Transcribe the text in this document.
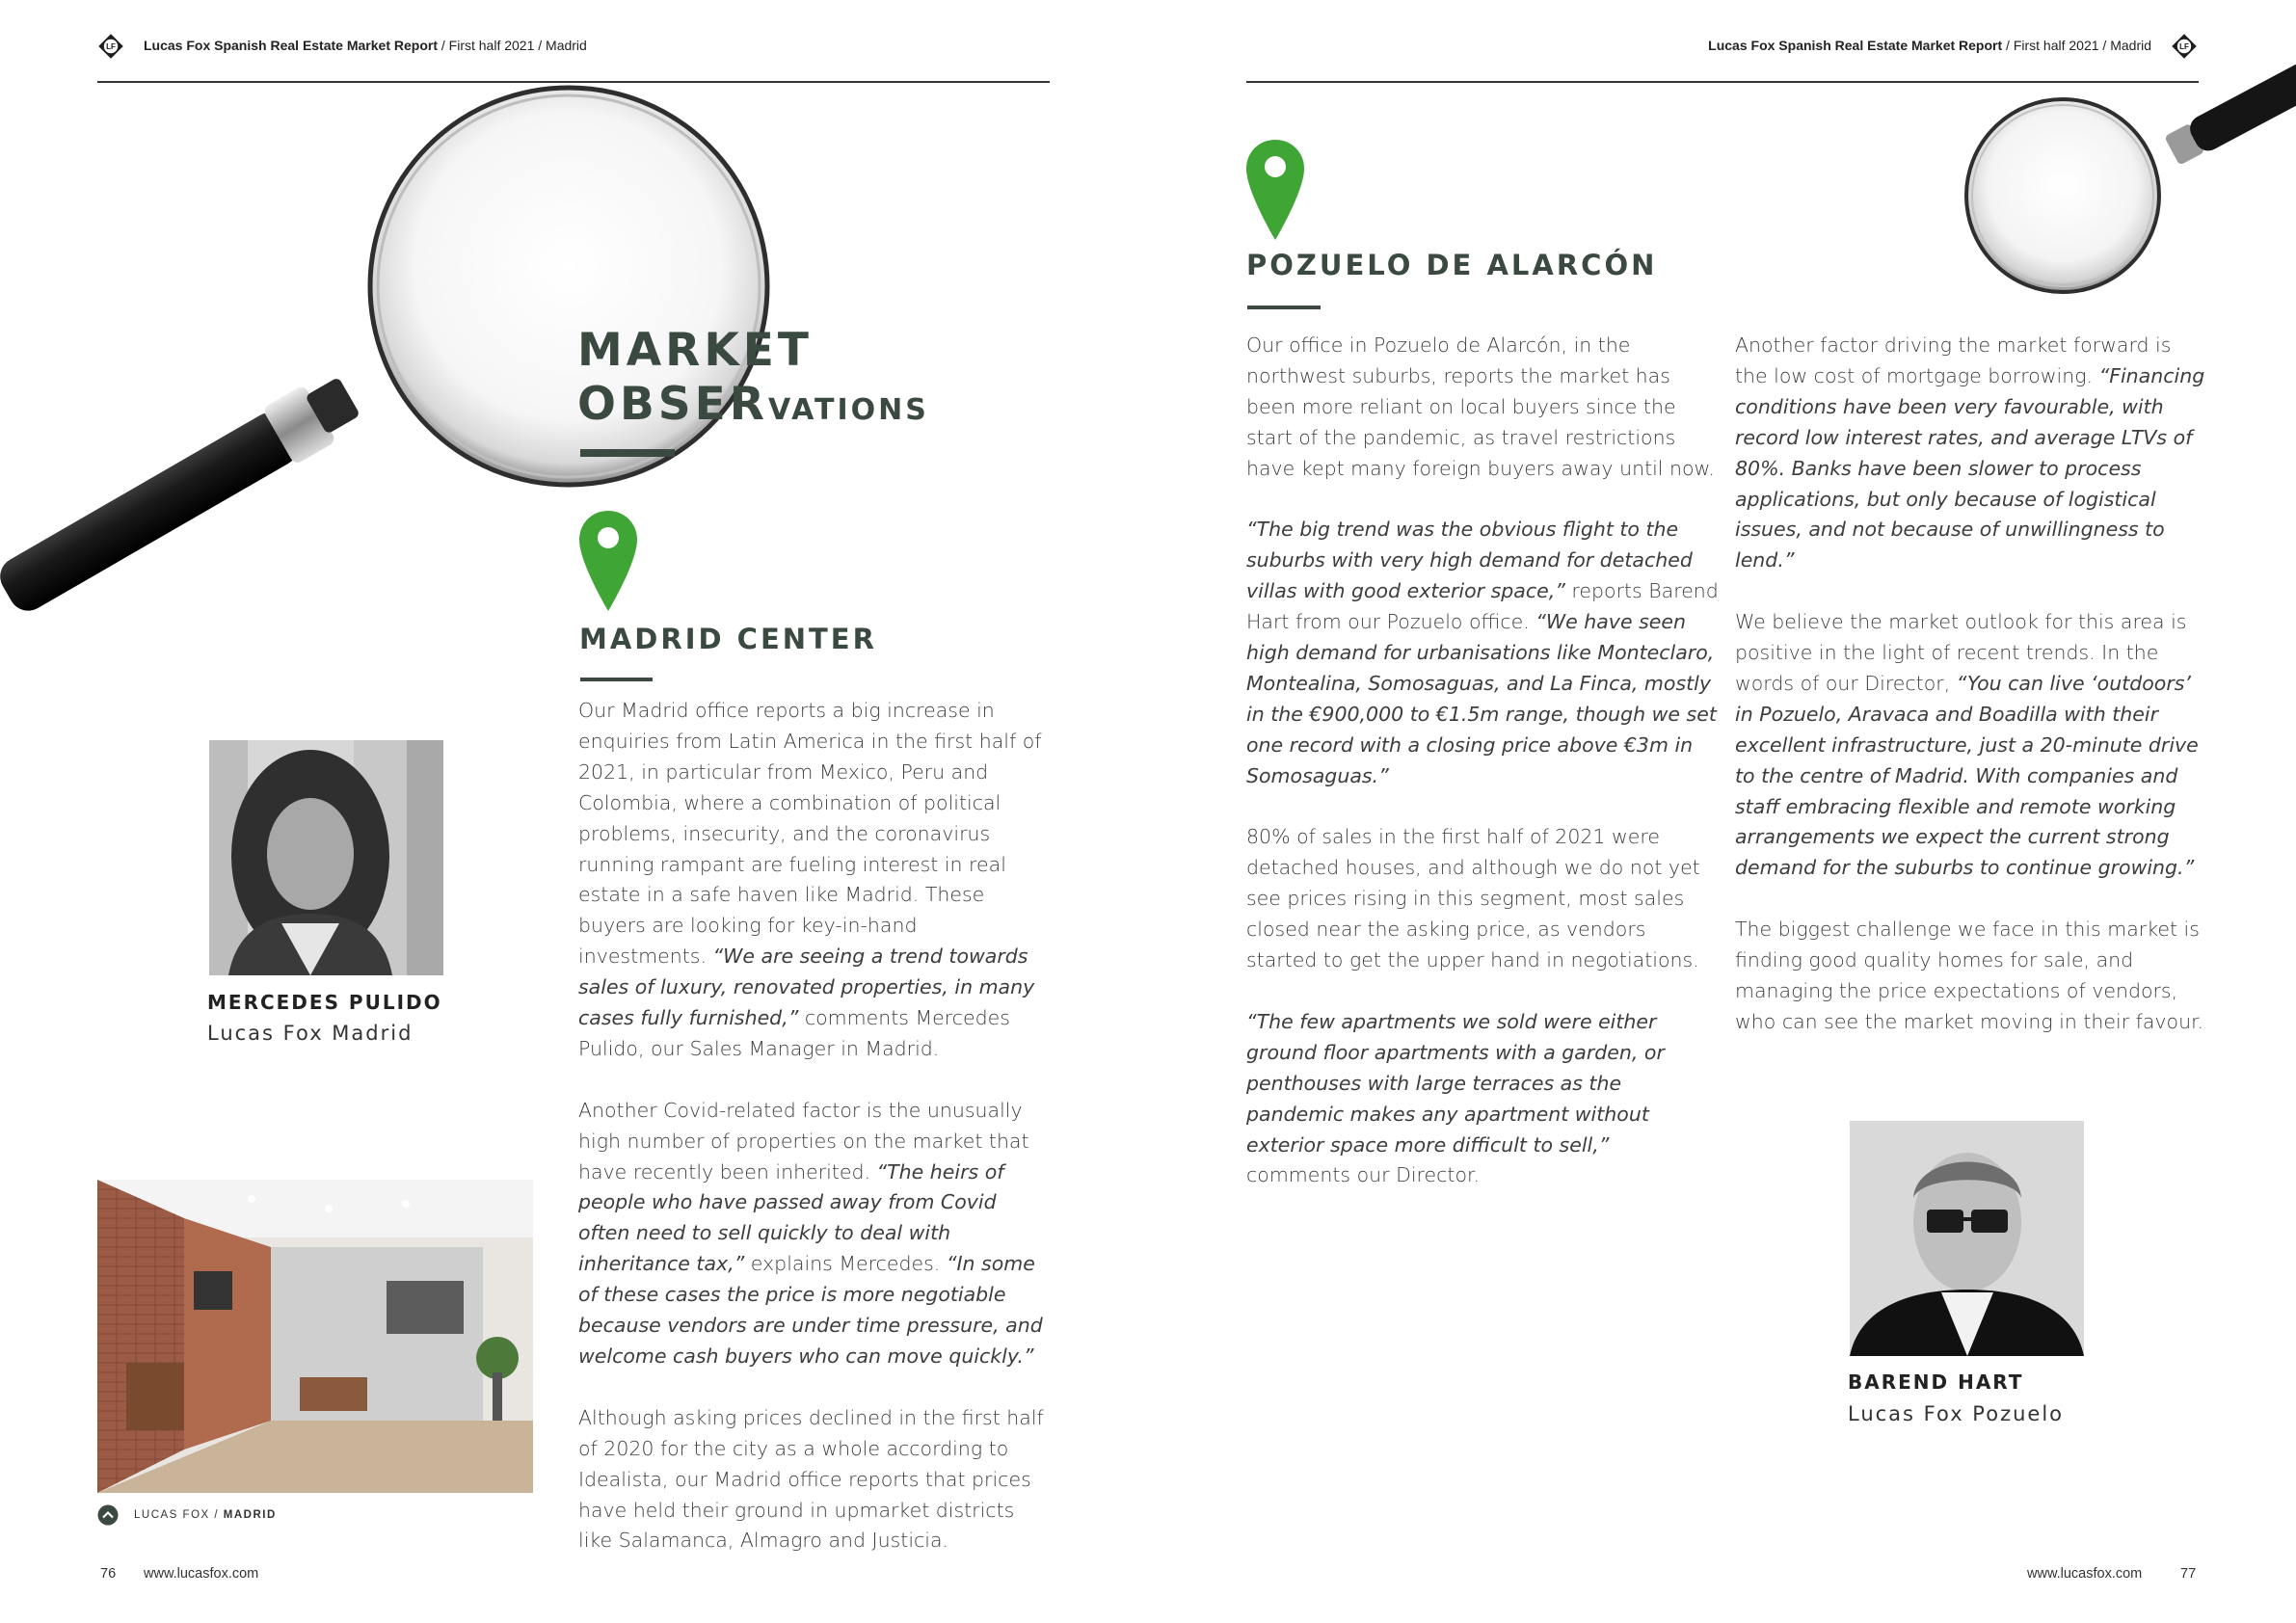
LF Lucas Fox Spanish Real Estate Market Report / First half 2021 / Madrid	Lucas Fox Spanish Real Estate Market Report / First half 2021 / Madrid	LF
MARKET
OBSERVATIONS
MADRID CENTER

Our Madrid office reports a big increase in enquiries from Latin America in the first half of 2021, in particular from Mexico, Peru and Colombia, where a combination of political problems, insecurity, and the coronavirus running rampant are fueling interest in real estate in a safe haven like Madrid. These buyers are looking for key-in-hand investments. “We are seeing a trend towards sales of luxury, renovated properties, in many cases fully furnished,” comments Mercedes Pulido, our Sales Manager in Madrid.

Another Covid-related factor is the unusually high number of properties on the market that have recently been inherited. “The heirs of people who have passed away from Covid often need to sell quickly to deal with inheritance tax,” explains Mercedes. “In some of these cases the price is more negotiable because vendors are under time pressure, and welcome cash buyers who can move quickly.”

Although asking prices declined in the first half of 2020 for the city as a whole according to Idealista, our Madrid office reports that prices have held their ground in upmarket districts like Salamanca, Almagro and Justicia.

MERCEDES PULIDO
Lucas Fox Madrid
LUCAS FOX / MADRID
POZUELO DE ALARCÓN

Our office in Pozuelo de Alarcón, in the northwest suburbs, reports the market has been more reliant on local buyers since the start of the pandemic, as travel restrictions have kept many foreign buyers away until now.

“The big trend was the obvious flight to the suburbs with very high demand for detached villas with good exterior space,” reports Barend Hart from our Pozuelo office. “We have seen high demand for urbanisations like Monteclaro, Montealina, Somosaguas, and La Finca, mostly in the €900,000 to €1.5m range, though we set one record with a closing price above €3m in Somosaguas.”

80% of sales in the first half of 2021 were detached houses, and although we do not yet see prices rising in this segment, most sales closed near the asking price, as vendors started to get the upper hand in negotiations.

“The few apartments we sold were either ground floor apartments with a garden, or penthouses with large terraces as the pandemic makes any apartment without exterior space more difficult to sell,” comments our Director.

Another factor driving the market forward is the low cost of mortgage borrowing. “Financing conditions have been very favourable, with record low interest rates, and average LTVs of 80%. Banks have been slower to process applications, but only because of logistical issues, and not because of unwillingness to lend.”

We believe the market outlook for this area is positive in the light of recent trends. In the words of our Director, “You can live ‘outdoors’ in Pozuelo, Aravaca and Boadilla with their excellent infrastructure, just a 20-minute drive to the centre of Madrid. With companies and staff embracing flexible and remote working arrangements we expect the current strong demand for the suburbs to continue growing.”

The biggest challenge we face in this market is finding good quality homes for sale, and managing the price expectations of vendors, who can see the market moving in their favour.

BAREND HART
Lucas Fox Pozuelo
76 www.lucasfox.com	www.lucasfox.com	77
